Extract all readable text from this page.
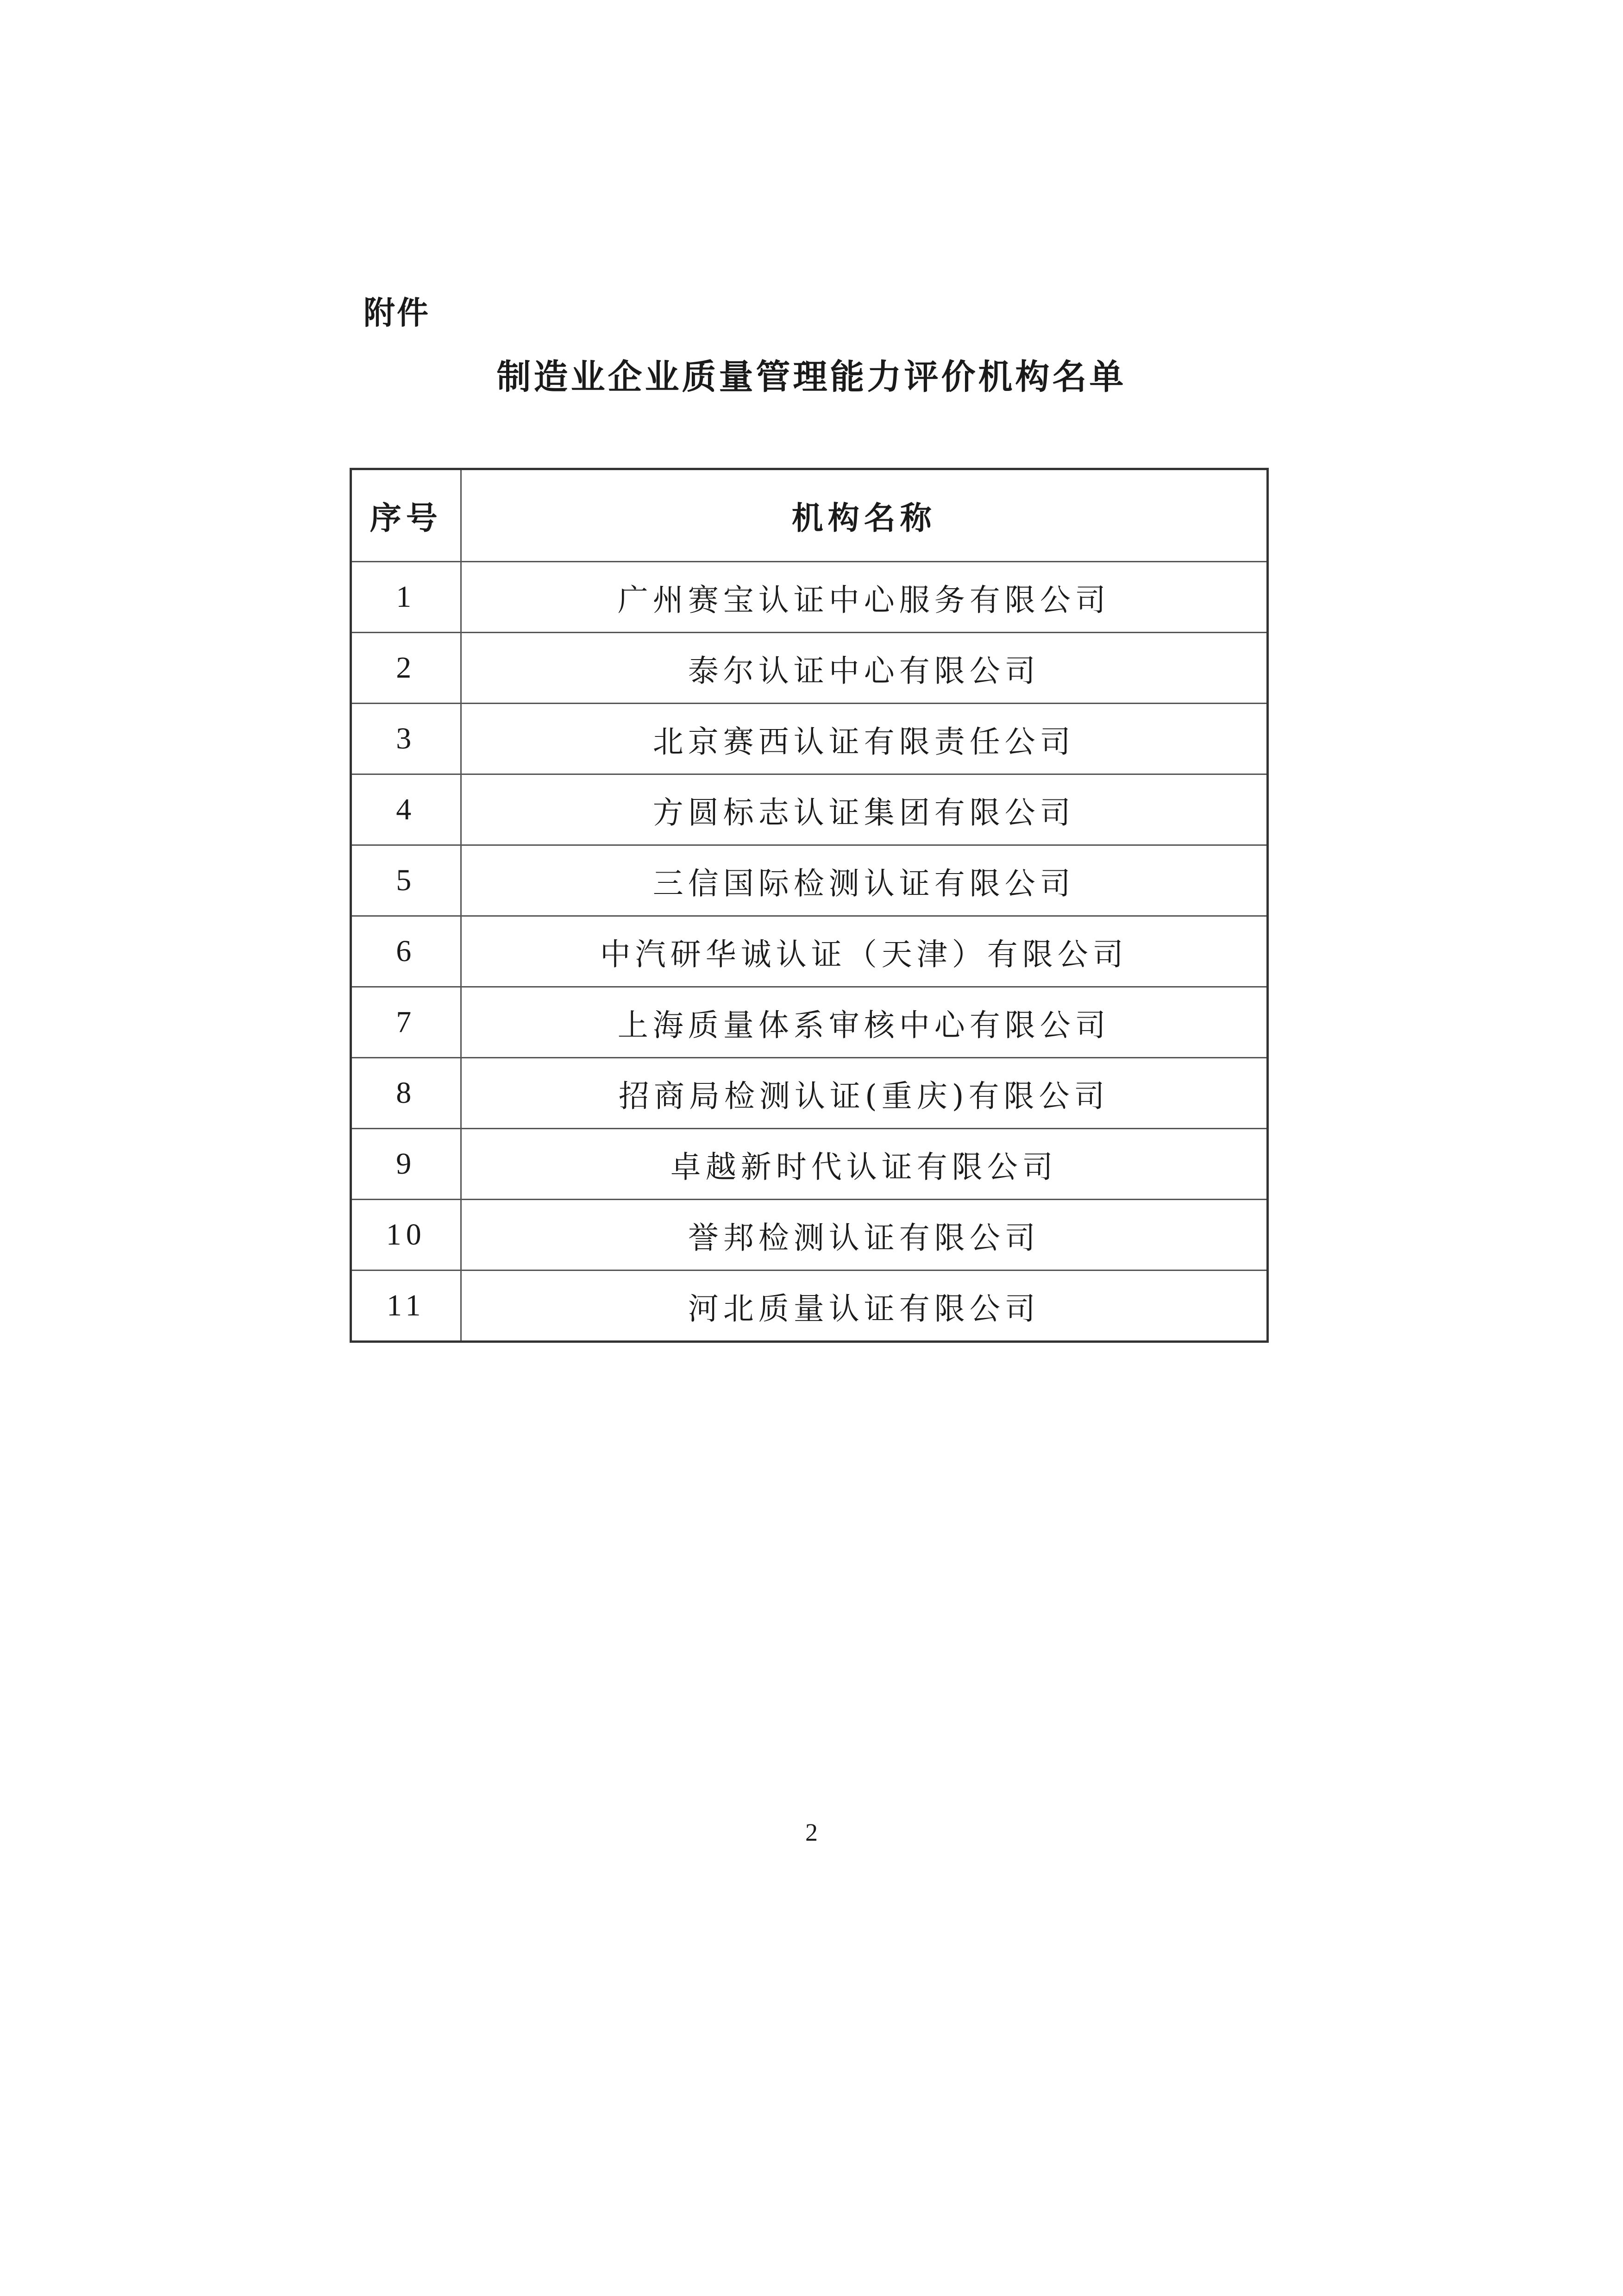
附件
制造业企业质量管理能力评价机构名单
序号	机构名称
1	广州赛宝认证中心服务有限公司
2	泰尔认证中心有限公司
3	北京赛西认证有限责任公司
4	方圆标志认证集团有限公司
5	三信国际检测认证有限公司
6	中汽研华诚认证（天津）有限公司
7	上海质量体系审核中心有限公司
8	招商局检测认证(重庆)有限公司
9	卓越新时代认证有限公司
10	誉邦检测认证有限公司
11	河北质量认证有限公司
2
